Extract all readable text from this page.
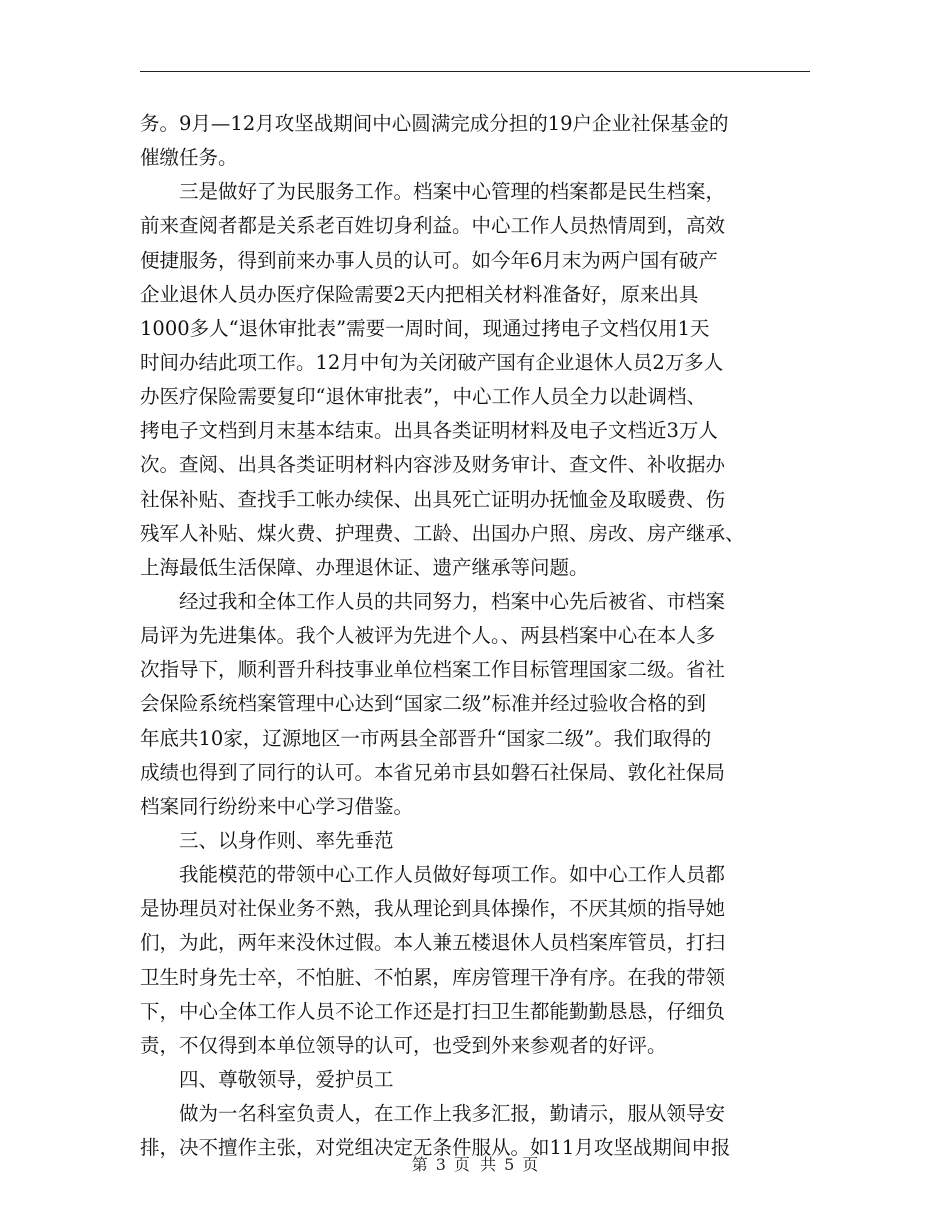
务。9月—12月攻坚战期间中心圆满完成分担的19户企业社保基金的
催缴任务。
　　三是做好了为民服务工作。档案中心管理的档案都是民生档案，
前来查阅者都是关系老百姓切身利益。中心工作人员热情周到，高效
便捷服务，得到前来办事人员的认可。如今年6月末为两户国有破产
企业退休人员办医疗保险需要2天内把相关材料准备好，原来出具
1000多人“退休审批表”需要一周时间，现通过拷电子文档仅用1天
时间办结此项工作。12月中旬为关闭破产国有企业退休人员2万多人
办医疗保险需要复印“退休审批表”，中心工作人员全力以赴调档、
拷电子文档到月末基本结束。出具各类证明材料及电子文档近3万人
次。查阅、出具各类证明材料内容涉及财务审计、查文件、补收据办
社保补贴、查找手工帐办续保、出具死亡证明办抚恤金及取暖费、伤
残军人补贴、煤火费、护理费、工龄、出国办户照、房改、房产继承、
上海最低生活保障、办理退休证、遗产继承等问题。
　　经过我和全体工作人员的共同努力，档案中心先后被省、市档案
局评为先进集体。我个人被评为先进个人。、两县档案中心在本人多
次指导下，顺利晋升科技事业单位档案工作目标管理国家二级。省社
会保险系统档案管理中心达到“国家二级”标准并经过验收合格的到
年底共10家，辽源地区一市两县全部晋升“国家二级”。我们取得的
成绩也得到了同行的认可。本省兄弟市县如磐石社保局、敦化社保局
档案同行纷纷来中心学习借鉴。
　　三、以身作则、率先垂范
　　我能模范的带领中心工作人员做好每项工作。如中心工作人员都
是协理员对社保业务不熟，我从理论到具体操作，不厌其烦的指导她
们，为此，两年来没休过假。本人兼五楼退休人员档案库管员，打扫
卫生时身先士卒，不怕脏、不怕累，库房管理干净有序。在我的带领
下，中心全体工作人员不论工作还是打扫卫生都能勤勤恳恳，仔细负
责，不仅得到本单位领导的认可，也受到外来参观者的好评。
　　四、尊敬领导，爱护员工
　　做为一名科室负责人，在工作上我多汇报，勤请示，服从领导安
排，决不擅作主张，对党组决定无条件服从。如11月攻坚战期间申报
第 3 页  共 5 页
